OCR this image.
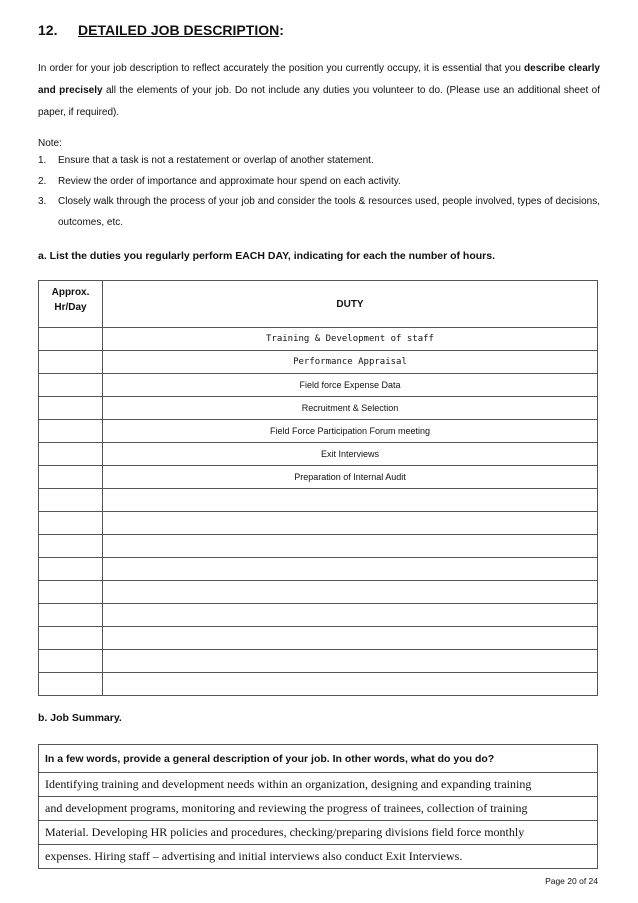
12. DETAILED JOB DESCRIPTION:
In order for your job description to reflect accurately the position you currently occupy, it is essential that you describe clearly and precisely all the elements of your job. Do not include any duties you volunteer to do. (Please use an additional sheet of paper, if required).
Note:
1. Ensure that a task is not a restatement or overlap of another statement.
2. Review the order of importance and approximate hour spend on each activity.
3. Closely walk through the process of your job and consider the tools & resources used, people involved, types of decisions, outcomes, etc.
a. List the duties you regularly perform EACH DAY, indicating for each the number of hours.
Approx.
Hr/Day	DUTY
	Training & Development of staff
	Performance Appraisal
	Field force Expense Data
	Recruitment & Selection
	Field Force Participation Forum meeting
	Exit Interviews
	Preparation of Internal Audit

b. Job Summary.
In a few words, provide a general description of your job. In other words, what do you do?
Identifying training and development needs within an organization, designing and expanding training
and development programs, monitoring and reviewing the progress of trainees, collection of training
Material. Developing HR policies and procedures, checking/preparing divisions field force monthly
expenses. Hiring staff – advertising and initial interviews also conduct Exit Interviews.
Page 20 of 24
